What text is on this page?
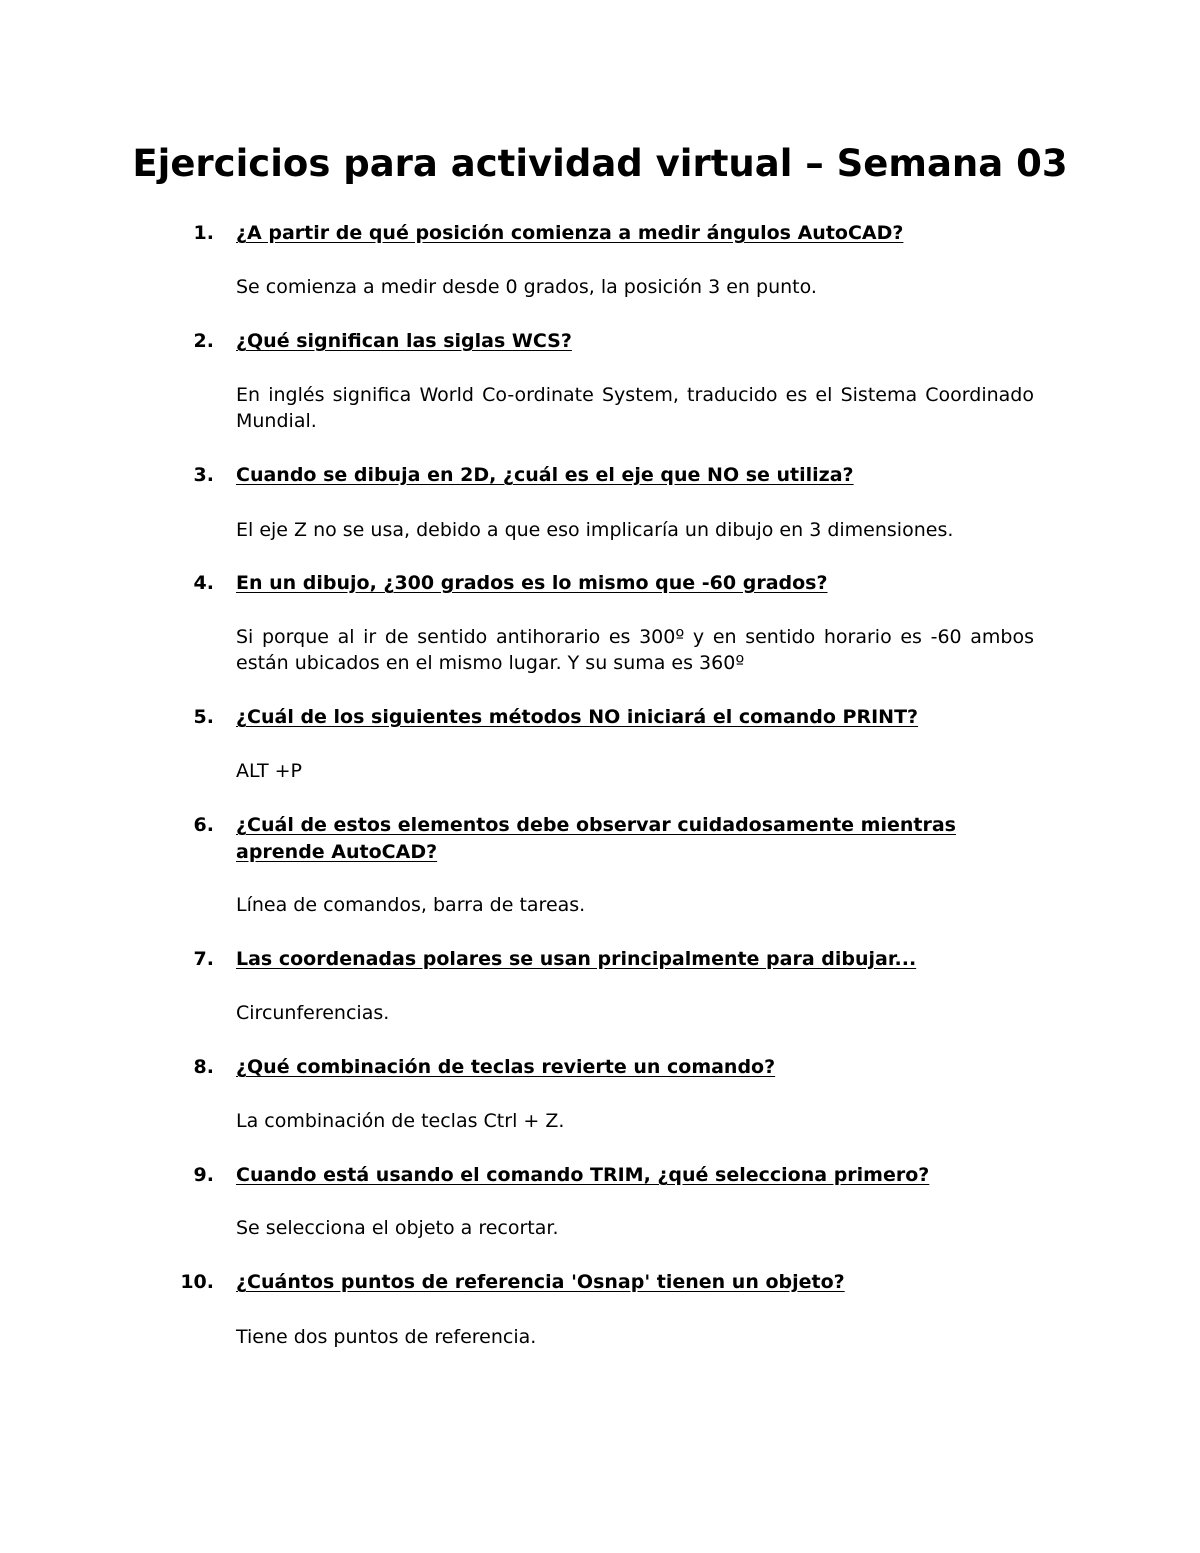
Ejercicios para actividad virtual – Semana 03
1. ¿A partir de qué posición comienza a medir ángulos AutoCAD?
Se comienza a medir desde 0 grados, la posición 3 en punto.
2. ¿Qué significan las siglas WCS?
En inglés significa World Co-ordinate System, traducido es el Sistema Coordinado Mundial.
3. Cuando se dibuja en 2D, ¿cuál es el eje que NO se utiliza?
El eje Z no se usa, debido a que eso implicaría un dibujo en 3 dimensiones.
4. En un dibujo, ¿300 grados es lo mismo que -60 grados?
Si porque al ir de sentido antihorario es 300º y en sentido horario es -60 ambos están ubicados en el mismo lugar. Y su suma es 360º
5. ¿Cuál de los siguientes métodos NO iniciará el comando PRINT?
ALT +P
6. ¿Cuál de estos elementos debe observar cuidadosamente mientras aprende AutoCAD?
Línea de comandos, barra de tareas.
7. Las coordenadas polares se usan principalmente para dibujar...
Circunferencias.
8. ¿Qué combinación de teclas revierte un comando?
La combinación de teclas Ctrl + Z.
9. Cuando está usando el comando TRIM, ¿qué selecciona primero?
Se selecciona el objeto a recortar.
10. ¿Cuántos puntos de referencia 'Osnap' tienen un objeto?
Tiene dos puntos de referencia.
